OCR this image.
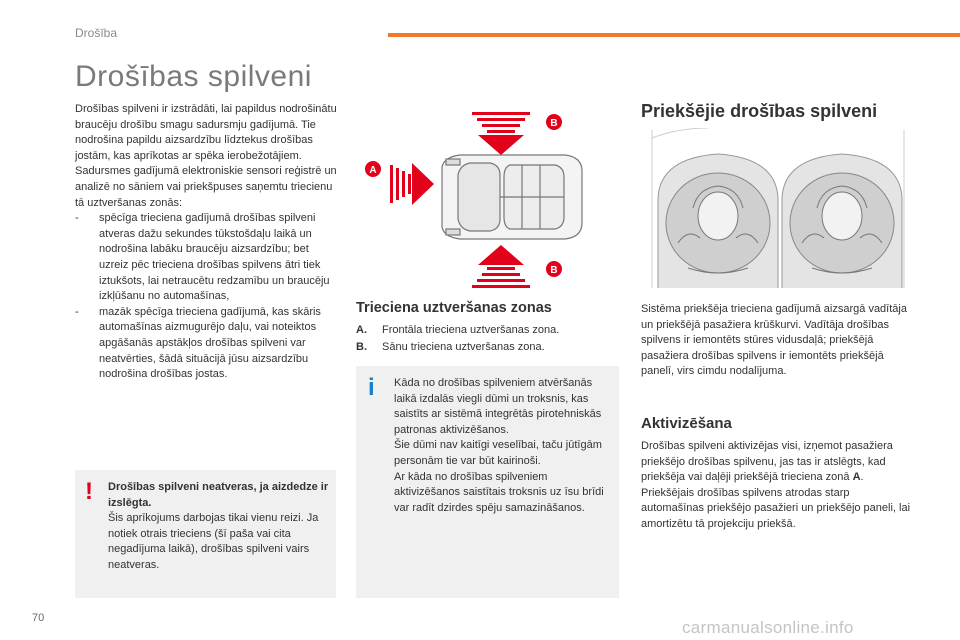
Drošība
Drošības spilveni

Drošības spilveni ir izstrādāti, lai papildus nodrošinātu braucēju drošību smagu sadursmju gadījumā. Tie nodrošina papildu aizsardzību līdztekus drošības jostām, kas aprīkotas ar spēka ierobežotājiem.

Sadursmes gadījumā elektroniskie sensori reģistrē un analizē no sāniem vai priekšpuses saņemtu triecienu tā uztveršanas zonās:

-	spēcīga trieciena gadījumā drošības spilveni atveras dažu sekundes tūkstošdaļu laikā un nodrošina labāku braucēju aizsardzību; bet uzreiz pēc trieciena drošības spilvens ātri tiek iztukšots, lai netraucētu redzamību un braucēju izkļūšanu no automašīnas,
-	mazāk spēcīga trieciena gadījumā, kas skāris automašīnas aizmugurējo daļu, vai noteiktos apgāšanās apstākļos drošības spilveni var neatvērties, šādā situācijā jūsu aizsardzību nodrošina drošības jostas.
! Drošības spilveni neatveras, ja aizdedze ir izslēgta.
Šis aprīkojums darbojas tikai vienu reizi. Ja notiek otrais trieciens (šī paša vai cita negadījuma laikā), drošības spilveni vairs neatveras.
B
A
B
Trieciena uztveršanas zonas
A.	Frontāla trieciena uztveršanas zona.
B.	Sānu trieciena uztveršanas zona.
i Kāda no drošības spilveniem atvēršanās laikā izdalās viegli dūmi un troksnis, kas saistīts ar sistēmā integrētās pirotehniskās patronas aktivizēšanos.

Šie dūmi nav kaitīgi veselībai, taču jūtīgām personām tie var būt kairinoši.

Ar kāda no drošības spilveniem aktivizēšanos saistītais troksnis uz īsu brīdi var radīt dzirdes spēju samazināšanos.

Priekšējie drošības spilveni

Sistēma priekšēja trieciena gadījumā aizsargā vadītāja un priekšējā pasažiera krūškurvi. Vadītāja drošības spilvens ir iemontēts stūres vidusdaļā; priekšējā pasažiera drošības spilvens ir iemontēts priekšējā panelī, virs cimdu nodalījuma.

Aktivizēšana

Drošības spilveni aktivizējas visi, izņemot pasažiera priekšējo drošības spilvenu, jas tas ir atslēgts, kad priekšēja vai daļēji priekšējā trieciena zonā A.

Priekšējais drošības spilvens atrodas starp automašīnas priekšējo pasažieri un priekšējo paneli, lai amortizētu tā projekciju priekšā.

70	carmanualsonline.info
